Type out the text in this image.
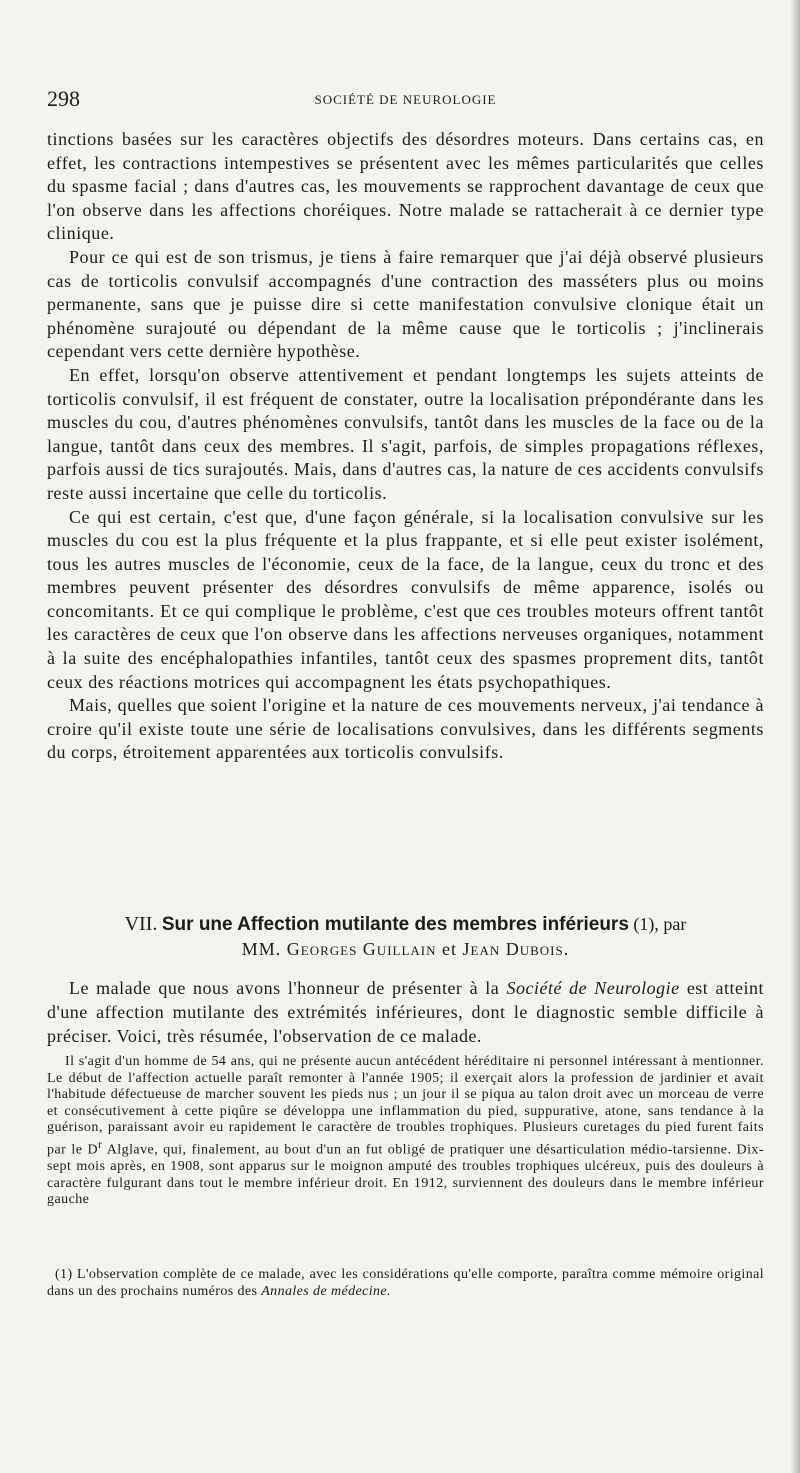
298	SOCIÉTÉ DE NEUROLOGIE

tinctions basées sur les caractères objectifs des désordres moteurs. Dans certains cas, en effet, les contractions intempestives se présentent avec les mêmes particularités que celles du spasme facial ; dans d'autres cas, les mouvements se rapprochent davantage de ceux que l'on observe dans les affections choréiques. Notre malade se rattacherait à ce dernier type clinique.

Pour ce qui est de son trismus, je tiens à faire remarquer que j'ai déjà observé plusieurs cas de torticolis convulsif accompagnés d'une contraction des masséters plus ou moins permanente, sans que je puisse dire si cette manifestation convulsive clonique était un phénomène surajouté ou dépendant de la même cause que le torticolis ; j'inclinerais cependant vers cette dernière hypothèse.

En effet, lorsqu'on observe attentivement et pendant longtemps les sujets atteints de torticolis convulsif, il est fréquent de constater, outre la localisation prépondérante dans les muscles du cou, d'autres phénomènes convulsifs, tantôt dans les muscles de la face ou de la langue, tantôt dans ceux des membres. Il s'agit, parfois, de simples propagations réflexes, parfois aussi de tics surajoutés. Mais, dans d'autres cas, la nature de ces accidents convulsifs reste aussi incertaine que celle du torticolis.

Ce qui est certain, c'est que, d'une façon générale, si la localisation convulsive sur les muscles du cou est la plus fréquente et la plus frappante, et si elle peut exister isolément, tous les autres muscles de l'économie, ceux de la face, de la langue, ceux du tronc et des membres peuvent présenter des désordres convulsifs de même apparence, isolés ou concomitants. Et ce qui complique le problème, c'est que ces troubles moteurs offrent tantôt les caractères de ceux que l'on observe dans les affections nerveuses organiques, notamment à la suite des encéphalopathies infantiles, tantôt ceux des spasmes proprement dits, tantôt ceux des réactions motrices qui accompagnent les états psychopathiques.

Mais, quelles que soient l'origine et la nature de ces mouvements nerveux, j'ai tendance à croire qu'il existe toute une série de localisations convulsives, dans les différents segments du corps, étroitement apparentées aux torticolis convulsifs.

VII. Sur une Affection mutilante des membres inférieurs (1), par
MM. Georges Guillain et Jean Dubois.

Le malade que nous avons l'honneur de présenter à la Société de Neurologie est atteint d'une affection mutilante des extrémités inférieures, dont le diagnostic semble difficile à préciser. Voici, très résumée, l'observation de ce malade.

Il s'agit d'un homme de 54 ans, qui ne présente aucun antécédent héréditaire ni personnel intéressant à mentionner. Le début de l'affection actuelle paraît remonter à l'année 1905; il exerçait alors la profession de jardinier et avait l'habitude défectueuse de marcher souvent les pieds nus ; un jour il se piqua au talon droit avec un morceau de verre et consécutivement à cette piqûre se développa une inflammation du pied, suppurative, atone, sans tendance à la guérison, paraissant avoir eu rapidement le caractère de troubles trophiques. Plusieurs curetages du pied furent faits par le $D^r$ Alglave, qui, finalement, au bout d'un an fut obligé de pratiquer une désarticulation médio-tarsienne. Dix-sept mois après, en 1908, sont apparus sur le moignon amputé des troubles trophiques ulcéreux, puis des douleurs à caractère fulgurant dans tout le membre inférieur droit. En 1912, surviennent des douleurs dans le membre inférieur gauche

(1) L'observation complète de ce malade, avec les considérations qu'elle comporte, paraîtra comme mémoire original dans un des prochains numéros des Annales de médecine.
